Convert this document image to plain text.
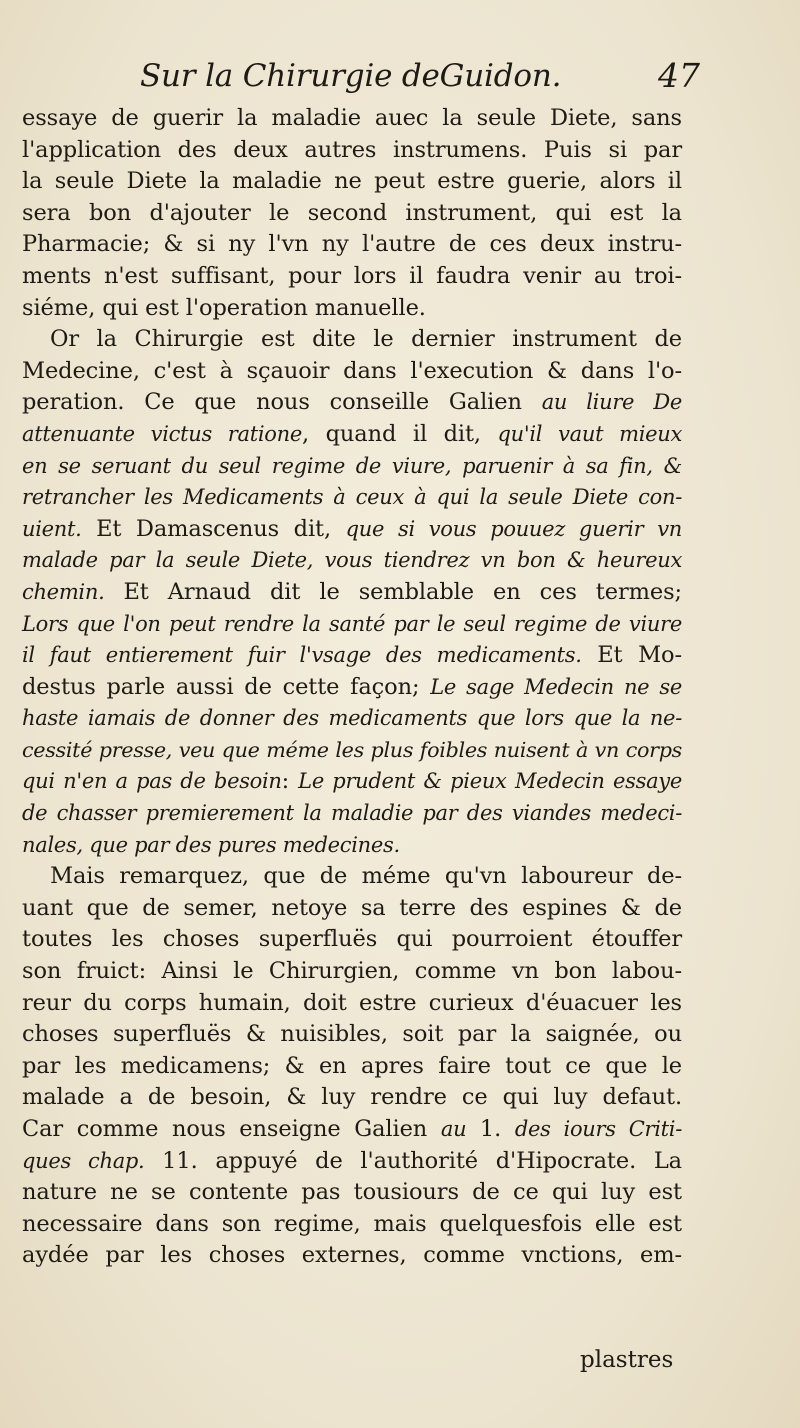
Sur la Chirurgie deGuidon.	47
essaye de guerir la maladie auec la seule Diete, sans
l'application des deux autres instrumens. Puis si par
la seule Diete la maladie ne peut estre guerie, alors il
sera bon d'ajouter le second instrument, qui est la
Pharmacie; & si ny l'vn ny l'autre de ces deux instru-
ments n'est suffisant, pour lors il faudra venir au troi-
siéme, qui est l'operation manuelle.
Or la Chirurgie est dite le dernier instrument de
Medecine, c'est à sçauoir dans l'execution & dans l'o-
peration. Ce que nous conseille Galien au liure De
attenuante victus ratione, quand il dit, qu'il vaut mieux
en se seruant du seul regime de viure, paruenir à sa fin, &
retrancher les Medicaments à ceux à qui la seule Diete con-
uient. Et Damascenus dit, que si vous pouuez guerir vn
malade par la seule Diete, vous tiendrez vn bon & heureux
chemin. Et Arnaud dit le semblable en ces termes;
Lors que l'on peut rendre la santé par le seul regime de viure
il faut entierement fuir l'vsage des medicaments. Et Mo-
destus parle aussi de cette façon; Le sage Medecin ne se
haste iamais de donner des medicaments que lors que la ne-
cessité presse, veu que méme les plus foibles nuisent à vn corps
qui n'en a pas de besoin: Le prudent & pieux Medecin essaye
de chasser premierement la maladie par des viandes medeci-
nales, que par des pures medecines.
Mais remarquez, que de méme qu'vn laboureur de-
uant que de semer, netoye sa terre des espines & de
toutes les choses superfluës qui pourroient étouffer
son fruict: Ainsi le Chirurgien, comme vn bon labou-
reur du corps humain, doit estre curieux d'éuacuer les
choses superfluës & nuisibles, soit par la saignée, ou
par les medicamens; & en apres faire tout ce que le
malade a de besoin, & luy rendre ce qui luy defaut.
Car comme nous enseigne Galien au 1. des iours Criti-
ques chap. 11. appuyé de l'authorité d'Hipocrate. La
nature ne se contente pas tousiours de ce qui luy est
necessaire dans son regime, mais quelquesfois elle est
aydée par les choses externes, comme vnctions, em-
plastres
